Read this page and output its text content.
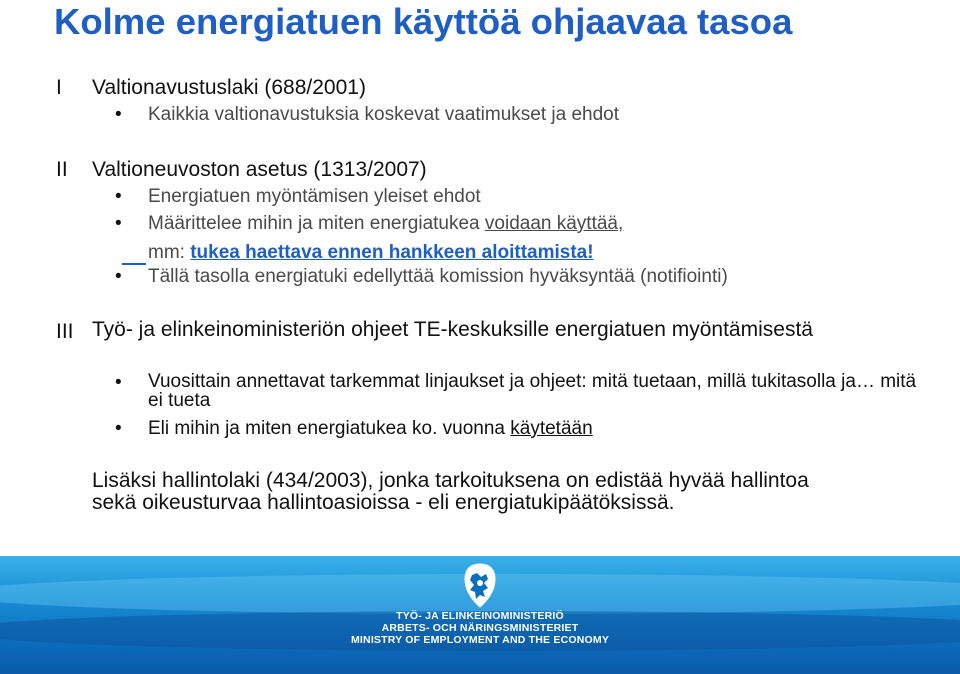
Kolme energiatuen käyttöä ohjaavaa tasoa
I Valtionavustuslaki (688/2001)
• Kaikkia valtionavustuksia koskevat vaatimukset ja ehdot
II Valtioneuvoston asetus (1313/2007)
• Energiatuen myöntämisen yleiset ehdot
• Määrittelee mihin ja miten energiatukea voidaan käyttää,
mm: tukea haettava ennen hankkeen aloittamista!
• Tällä tasolla energiatuki edellyttää komission hyväksyntää (notifiointi)
III Työ- ja elinkeinoministeriön ohjeet TE-keskuksille energiatuen myöntämisestä
• Vuosittain annettavat tarkemmat linjaukset ja ohjeet: mitä tuetaan, millä tukitasolla ja… mitä ei tueta
• Eli mihin ja miten energiatukea ko. vuonna käytetään
Lisäksi hallintolaki (434/2003), jonka tarkoituksena on edistää hyvää hallintoa
sekä oikeusturvaa hallintoasioissa - eli energiatukipäätöksissä.
TYÖ- JA ELINKEINOMINISTERIÖ
ARBETS- OCH NÄRINGSMINISTERIET
MINISTRY OF EMPLOYMENT AND THE ECONOMY
